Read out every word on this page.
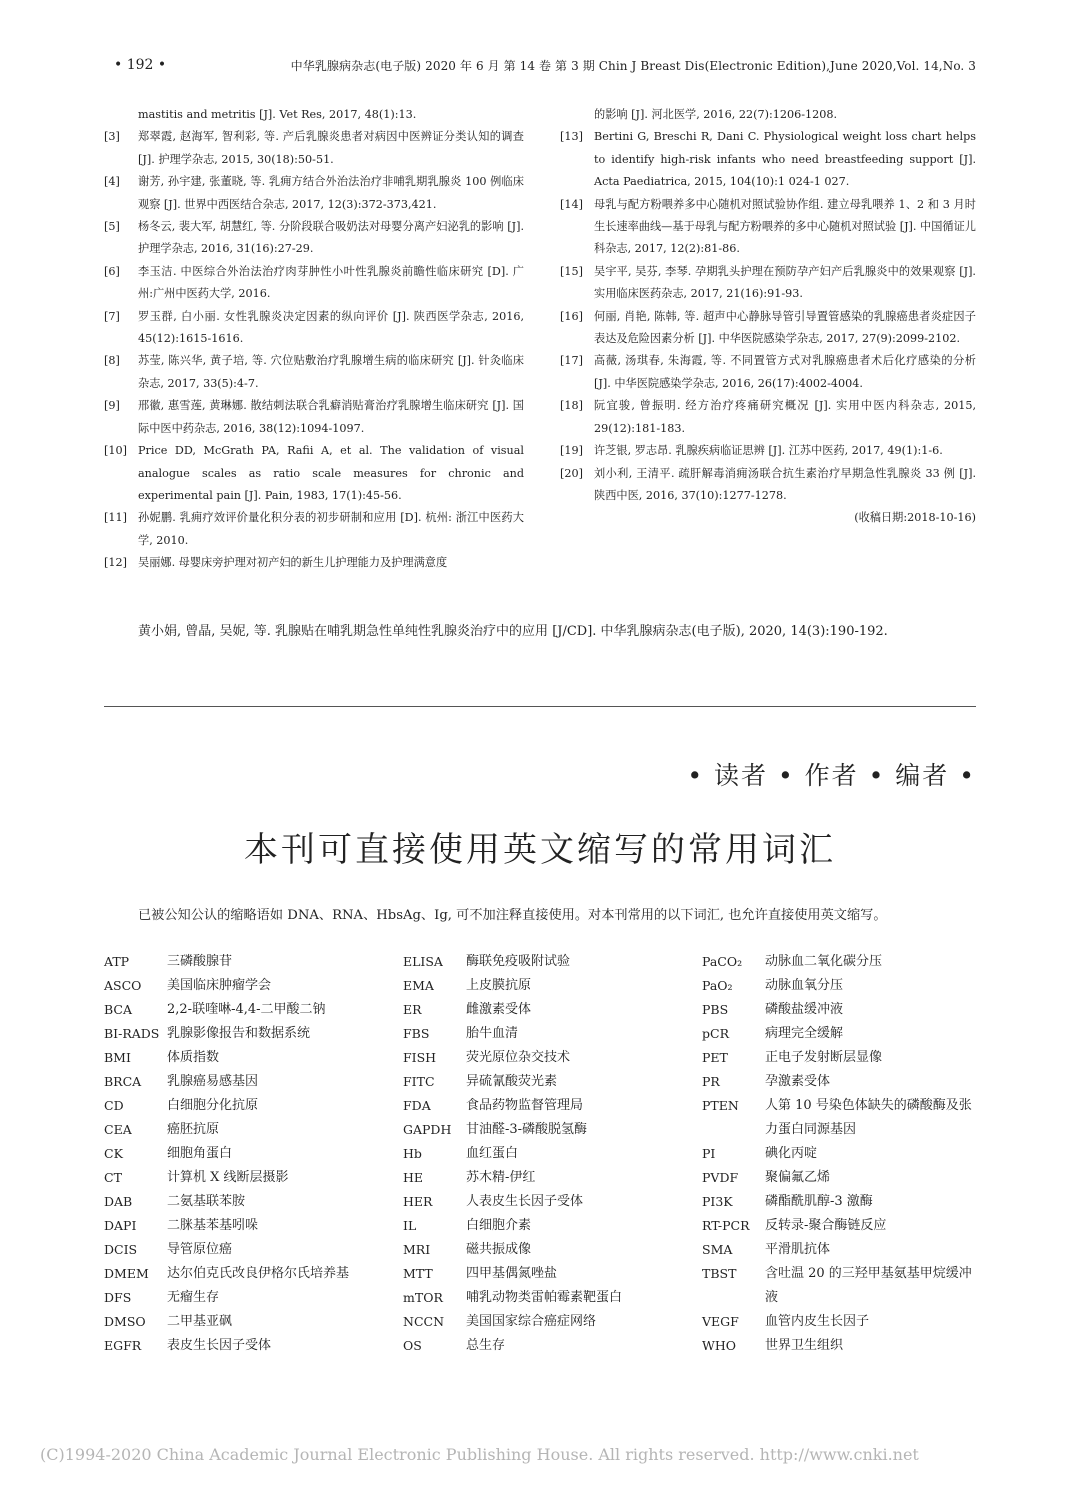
• 192 •	中华乳腺病杂志(电子版) 2020 年 6 月 第 14 卷 第 3 期 Chin J Breast Dis(Electronic Edition),June 2020,Vol. 14,No. 3
mastitis and metritis [J]. Vet Res, 2017, 48(1):13.
[3] 郑翠霞, 赵海军, 智利彩, 等. 产后乳腺炎患者对病因中医辨证分类认知的调查 [J]. 护理学杂志, 2015, 30(18):50-51.
[4] 谢芳, 孙宇建, 张董晓, 等. 乳痈方结合外治法治疗非哺乳期乳腺炎 100 例临床观察 [J]. 世界中西医结合杂志, 2017, 12(3):372-373,421.
[5] 杨冬云, 裴大军, 胡慧红, 等. 分阶段联合吸奶法对母婴分离产妇泌乳的影响 [J]. 护理学杂志, 2016, 31(16):27-29.
[6] 李玉洁. 中医综合外治法治疗肉芽肿性小叶性乳腺炎前瞻性临床研究 [D]. 广州:广州中医药大学, 2016.
[7] 罗玉群, 白小丽. 女性乳腺炎决定因素的纵向评价 [J]. 陕西医学杂志, 2016, 45(12):1615-1616.
[8] 苏莹, 陈兴华, 黄子培, 等. 穴位贴敷治疗乳腺增生病的临床研究 [J]. 针灸临床杂志, 2017, 33(5):4-7.
[9] 邢徽, 惠雪莲, 黄琳娜. 散结刺法联合乳癖消贴膏治疗乳腺增生临床研究 [J]. 国际中医中药杂志, 2016, 38(12):1094-1097.
[10] Price DD, McGrath PA, Rafii A, et al. The validation of visual analogue scales as ratio scale measures for chronic and experimental pain [J]. Pain, 1983, 17(1):45-56.
[11] 孙妮鹏. 乳痈疗效评价量化积分表的初步研制和应用 [D]. 杭州: 浙江中医药大学, 2010.
[12] 吴丽娜. 母婴床旁护理对初产妇的新生儿护理能力及护理满意度
的影响 [J]. 河北医学, 2016, 22(7):1206-1208.
[13] Bertini G, Breschi R, Dani C. Physiological weight loss chart helps to identify high-risk infants who need breastfeeding support [J]. Acta Paediatrica, 2015, 104(10):1 024-1 027.
[14] 母乳与配方粉喂养多中心随机对照试验协作组. 建立母乳喂养 1、2 和 3 月时生长速率曲线—基于母乳与配方粉喂养的多中心随机对照试验 [J]. 中国循证儿科杂志, 2017, 12(2):81-86.
[15] 吴宇平, 吴芬, 李琴. 孕期乳头护理在预防孕产妇产后乳腺炎中的效果观察 [J]. 实用临床医药杂志, 2017, 21(16):91-93.
[16] 何丽, 肖艳, 陈韩, 等. 超声中心静脉导管引导置管感染的乳腺癌患者炎症因子表达及危险因素分析 [J]. 中华医院感染学杂志, 2017, 27(9):2099-2102.
[17] 高薇, 汤琪春, 朱海霞, 等. 不同置管方式对乳腺癌患者术后化疗感染的分析 [J]. 中华医院感染学杂志, 2016, 26(17):4002-4004.
[18] 阮宜骏, 曾振明. 经方治疗疼痛研究概况 [J]. 实用中医内科杂志, 2015, 29(12):181-183.
[19] 许芝银, 罗志昂. 乳腺疾病临证思辨 [J]. 江苏中医药, 2017, 49(1):1-6.
[20] 刘小利, 王清平. 疏肝解毒消痈汤联合抗生素治疗早期急性乳腺炎 33 例 [J]. 陕西中医, 2016, 37(10):1277-1278.
(收稿日期:2018-10-16)
黄小娟, 曾晶, 吴妮, 等. 乳腺贴在哺乳期急性单纯性乳腺炎治疗中的应用 [J/CD]. 中华乳腺病杂志(电子版), 2020, 14(3):190-192.
• 读者 • 作者 • 编者 •
本刊可直接使用英文缩写的常用词汇
已被公知公认的缩略语如 DNA、RNA、HbsAg、Ig, 可不加注释直接使用。对本刊常用的以下词汇, 也允许直接使用英文缩写。
ATP	三磷酸腺苷
ASCO	美国临床肿瘤学会
BCA	2,2-联喹啉-4,4-二甲酸二钠
BI-RADS 乳腺影像报告和数据系统
BMI	体质指数
BRCA	乳腺癌易感基因
CD	白细胞分化抗原
CEA	癌胚抗原
CK	细胞角蛋白
CT	计算机 X 线断层摄影
DAB	二氨基联苯胺
DAPI	二脒基苯基吲哚
DCIS	导管原位癌
DMEM	达尔伯克氏改良伊格尔氏培养基
DFS	无瘤生存
DMSO	二甲基亚砜
EGFR	表皮生长因子受体
ELISA	酶联免疫吸附试验
EMA	上皮膜抗原
ER	雌激素受体
FBS	胎牛血清
FISH	荧光原位杂交技术
FITC	异硫氰酸荧光素
FDA	食品药物监督管理局
GAPDH	甘油醛-3-磷酸脱氢酶
Hb	血红蛋白
HE	苏木精-伊红
HER	人表皮生长因子受体
IL	白细胞介素
MRI	磁共振成像
MTT	四甲基偶氮唑盐
mTOR	哺乳动物类雷帕霉素靶蛋白
NCCN	美国国家综合癌症网络
OS	总生存
PaCO₂	动脉血二氧化碳分压
PaO₂	动脉血氧分压
PBS	磷酸盐缓冲液
pCR	病理完全缓解
PET	正电子发射断层显像
PR	孕激素受体
PTEN	人第 10 号染色体缺失的磷酸酶及张力蛋白同源基因
PI	碘化丙啶
PVDF	聚偏氟乙烯
PI3K	磷酯酰肌醇-3 激酶
RT-PCR	反转录-聚合酶链反应
SMA	平滑肌抗体
TBST	含吐温 20 的三羟甲基氨基甲烷缓冲液
VEGF	血管内皮生长因子
WHO	世界卫生组织
(C)1994-2020 China Academic Journal Electronic Publishing House. All rights reserved. http://www.cnki.net
